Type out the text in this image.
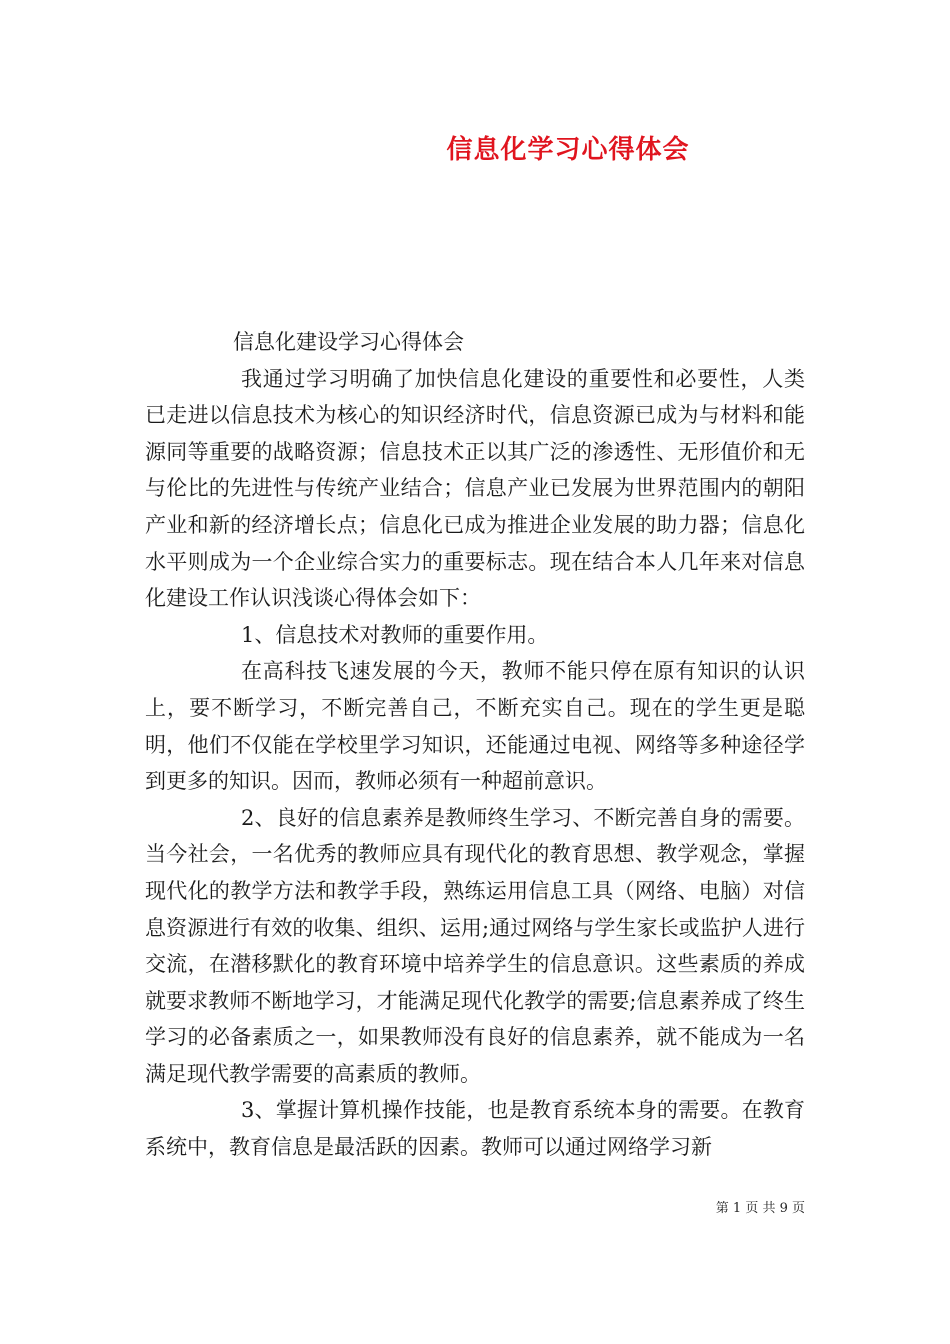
信息化学习心得体会

信息化建设学习心得体会

我通过学习明确了加快信息化建设的重要性和必要性，人类已走进以信息技术为核心的知识经济时代，信息资源已成为与材料和能源同等重要的战略资源；信息技术正以其广泛的渗透性、无形值价和无与伦比的先进性与传统产业结合；信息产业已发展为世界范围内的朝阳产业和新的经济增长点；信息化已成为推进企业发展的助力器；信息化水平则成为一个企业综合实力的重要标志。现在结合本人几年来对信息化建设工作认识浅谈心得体会如下：

1、信息技术对教师的重要作用。

在高科技飞速发展的今天，教师不能只停在原有知识的认识上，要不断学习，不断完善自己，不断充实自己。现在的学生更是聪明，他们不仅能在学校里学习知识，还能通过电视、网络等多种途径学到更多的知识。因而，教师必须有一种超前意识。

2、良好的信息素养是教师终生学习、不断完善自身的需要。当今社会，一名优秀的教师应具有现代化的教育思想、教学观念，掌握现代化的教学方法和教学手段，熟练运用信息工具（网络、电脑）对信息资源进行有效的收集、组织、运用;通过网络与学生家长或监护人进行交流，在潜移默化的教育环境中培养学生的信息意识。这些素质的养成就要求教师不断地学习，才能满足现代化教学的需要;信息素养成了终生学习的必备素质之一，如果教师没有良好的信息素养，就不能成为一名满足现代教学需要的高素质的教师。

3、掌握计算机操作技能，也是教育系统本身的需要。在教育系统中，教育信息是最活跃的因素。教师可以通过网络学习新

第 1 页 共 9 页
